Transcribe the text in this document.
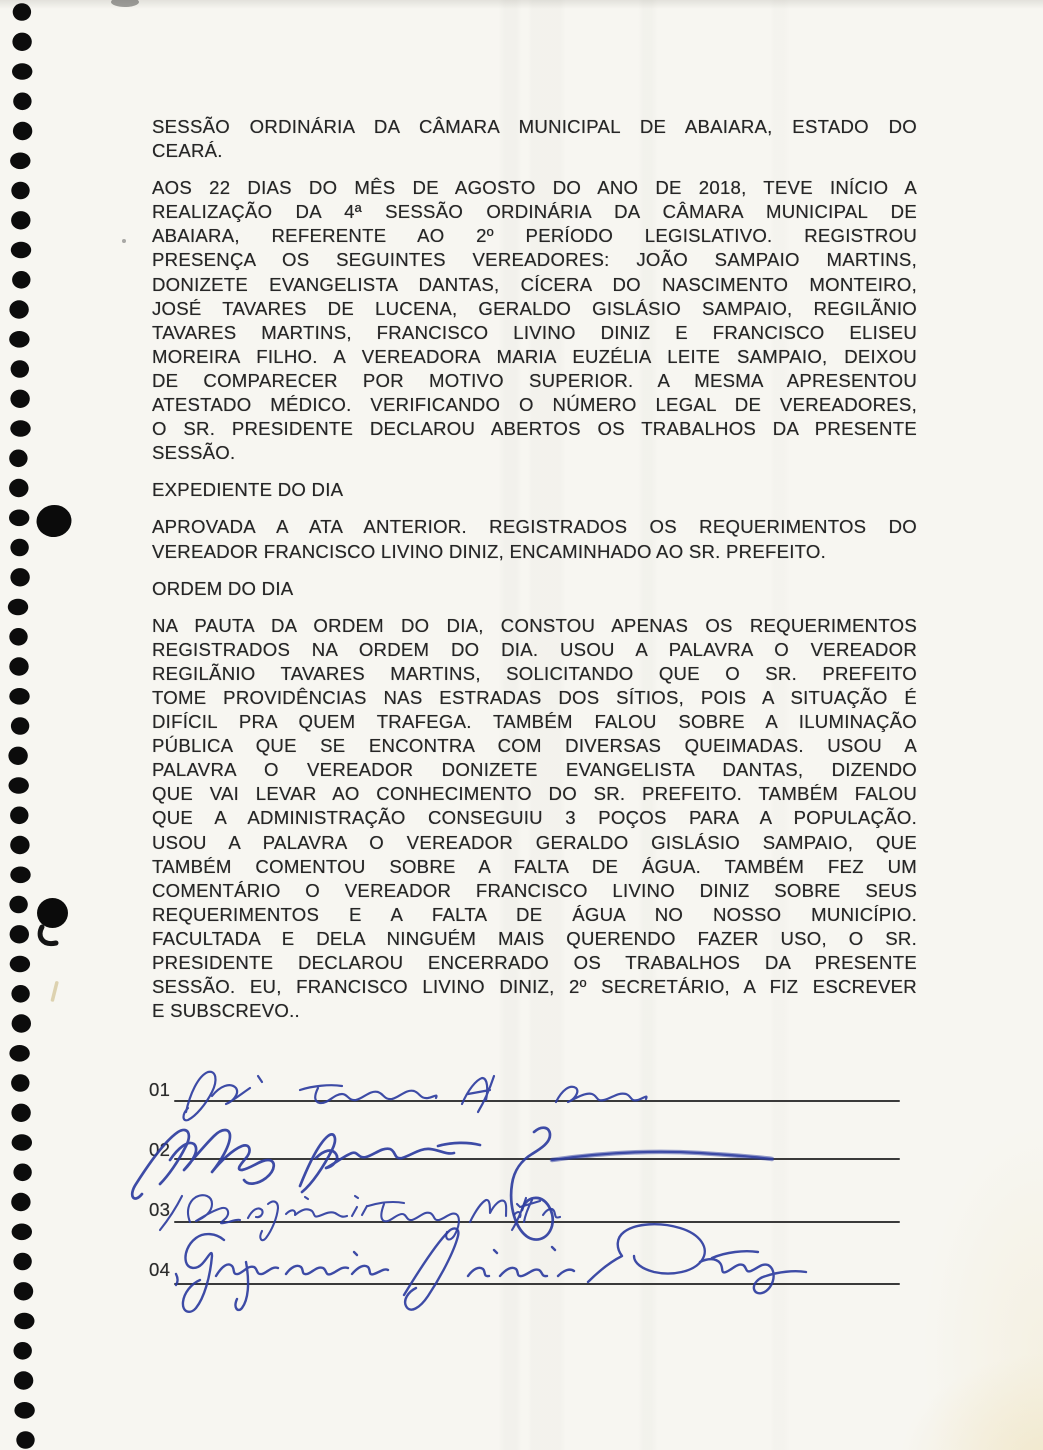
SESSÃO ORDINÁRIA DA CÂMARA MUNICIPAL DE ABAIARA, ESTADO DO
CEARÁ.
AOS 22 DIAS DO MÊS DE AGOSTO DO ANO DE 2018, TEVE INÍCIO A
REALIZAÇÃO DA 4ª SESSÃO ORDINÁRIA DA CÂMARA MUNICIPAL DE
ABAIARA, REFERENTE AO 2º PERÍODO LEGISLATIVO. REGISTROU
PRESENÇA OS SEGUINTES VEREADORES: JOÃO SAMPAIO MARTINS,
DONIZETE EVANGELISTA DANTAS, CÍCERA DO NASCIMENTO MONTEIRO,
JOSÉ TAVARES DE LUCENA, GERALDO GISLÁSIO SAMPAIO, REGILÃNIO
TAVARES MARTINS, FRANCISCO LIVINO DINIZ E FRANCISCO ELISEU
MOREIRA FILHO. A VEREADORA MARIA EUZÉLIA LEITE SAMPAIO, DEIXOU
DE COMPARECER POR MOTIVO SUPERIOR. A MESMA APRESENTOU
ATESTADO MÉDICO. VERIFICANDO O NÚMERO LEGAL DE VEREADORES,
O SR. PRESIDENTE DECLAROU ABERTOS OS TRABALHOS DA PRESENTE
SESSÃO.
EXPEDIENTE DO DIA
APROVADA A ATA ANTERIOR. REGISTRADOS OS REQUERIMENTOS DO
VEREADOR FRANCISCO LIVINO DINIZ, ENCAMINHADO AO SR. PREFEITO.
ORDEM DO DIA
NA PAUTA DA ORDEM DO DIA, CONSTOU APENAS OS REQUERIMENTOS
REGISTRADOS NA ORDEM DO DIA. USOU A PALAVRA O VEREADOR
REGILÃNIO TAVARES MARTINS, SOLICITANDO QUE O SR. PREFEITO
TOME PROVIDÊNCIAS NAS ESTRADAS DOS SÍTIOS, POIS A SITUAÇÃO É
DIFÍCIL PRA QUEM TRAFEGA. TAMBÉM FALOU SOBRE A ILUMINAÇÃO
PÚBLICA QUE SE ENCONTRA COM DIVERSAS QUEIMADAS. USOU A
PALAVRA O VEREADOR DONIZETE EVANGELISTA DANTAS, DIZENDO
QUE VAI LEVAR AO CONHECIMENTO DO SR. PREFEITO. TAMBÉM FALOU
QUE A ADMINISTRAÇÃO CONSEGUIU 3 POÇOS PARA A POPULAÇÃO.
USOU A PALAVRA O VEREADOR GERALDO GISLÁSIO SAMPAIO, QUE
TAMBÉM COMENTOU SOBRE A FALTA DE ÁGUA. TAMBÉM FEZ UM
COMENTÁRIO O VEREADOR FRANCISCO LIVINO DINIZ SOBRE SEUS
REQUERIMENTOS E A FALTA DE ÁGUA NO NOSSO MUNICÍPIO.
FACULTADA E DELA NINGUÉM MAIS QUERENDO FAZER USO, O SR.
PRESIDENTE DECLAROU ENCERRADO OS TRABALHOS DA PRESENTE
SESSÃO. EU, FRANCISCO LIVINO DINIZ, 2º SECRETÁRIO, A FIZ ESCREVER
E SUBSCREVO..
01
02
03
04
